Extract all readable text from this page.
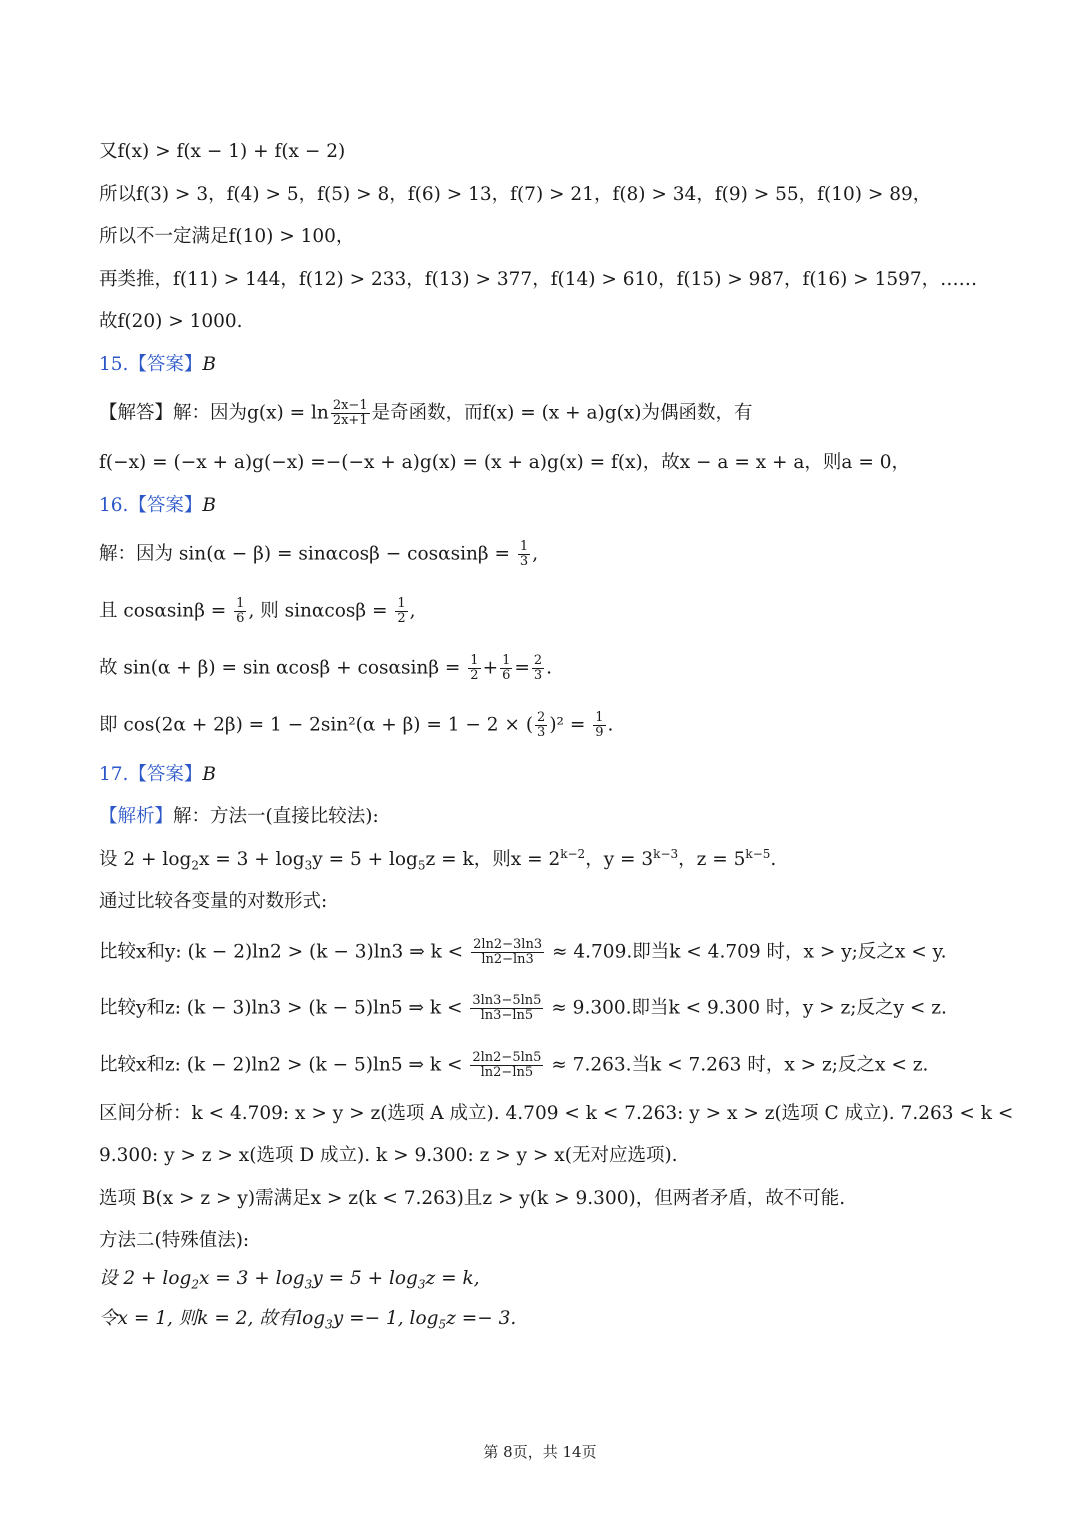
又f(x) > f(x − 1) + f(x − 2)
所以f(3) > 3，f(4) > 5，f(5) > 8，f(6) > 13，f(7) > 21，f(8) > 34，f(9) > 55，f(10) > 89，
所以不一定满足f(10) > 100，
再类推，f(11) > 144，f(12) > 233，f(13) > 377，f(14) > 610，f(15) > 987，f(16) > 1597，……
故f(20) > 1000.
15.【答案】B
【解答】解：因为$g(x) = \ln \frac{2x-1}{2x+1}$ 是奇函数，而f(x) = (x + a)g(x)为偶函数，有
f(−x) = (−x + a)g(−x) =−(−x + a)g(x) = (x + a)g(x) = f(x)，故x − a = x + a，则a = 0，
16.【答案】B
解：因为 $\sin(\alpha - \beta) = \sin\alpha\cos\beta - \cos\alpha\sin\beta = \frac{1}{3}$ ,
且 $\cos\alpha\sin\beta = \frac{1}{6}$ , 则 $\sin\alpha\cos\beta = \frac{1}{2}$ ,
故 $\sin(\alpha + \beta) = \sin \alpha\cos\beta + \cos\alpha\sin\beta = \frac{1}{2} + \frac{1}{6} = \frac{2}{3}$ .
即 cos(2α + 2β) = 1 − 2sin²(α + β) = 1 − 2 × ( $\frac{2}{3} )^2 = \frac{1}{9}$ .
17.【答案】B
【解析】解：方法一(直接比较法):
设 $2 + \log_2x = 3 + \log_3y = 5 + \log_5z = k$，则$x = 2^{k-2}$，$y = 3^{k-3}$，$z = 5^{k-5}$.
通过比较各变量的对数形式:
比较x和y: (k − 2)ln2 > (k − 3)ln3 ⇒ $k < \frac{2\ln 2-3\ln 3}{\ln 2-\ln 3} \approx 4.709$.即当k < 4.709 时，x > y;反之x < y.
比较y和z: (k − 3)ln3 > (k − 5)ln5 ⇒ $k < \frac{3\ln 3-5\ln 5}{\ln 3-\ln 5} \approx 9.300$.即当k < 9.300 时，y > z;反之y < z.
比较x和z: (k − 2)ln2 > (k − 5)ln5 ⇒ $k < \frac{2\ln 2-5\ln 5}{\ln 2-\ln 5} \approx 7.263$.当k < 7.263 时，x > z;反之x < z.
区间分析：k < 4.709: x > y > z(选项 A 成立). 4.709 < k < 7.263: y > x > z(选项 C 成立). 7.263 < k <
9.300: y > z > x(选项 D 成立). k > 9.300: z > y > x(无对应选项).
选项 B(x > z > y)需满足x > z(k < 7.263)且z > y(k > 9.300)，但两者矛盾，故不可能.
方法二(特殊值法):
设 $2 + \log_2x = 3 + \log_3y = 5 + \log_3z = k$,
令x = 1, 则k = 2, 故有$\log_3y =- 1$, $\log_5z =- 3$.
第 8页，共 14页
